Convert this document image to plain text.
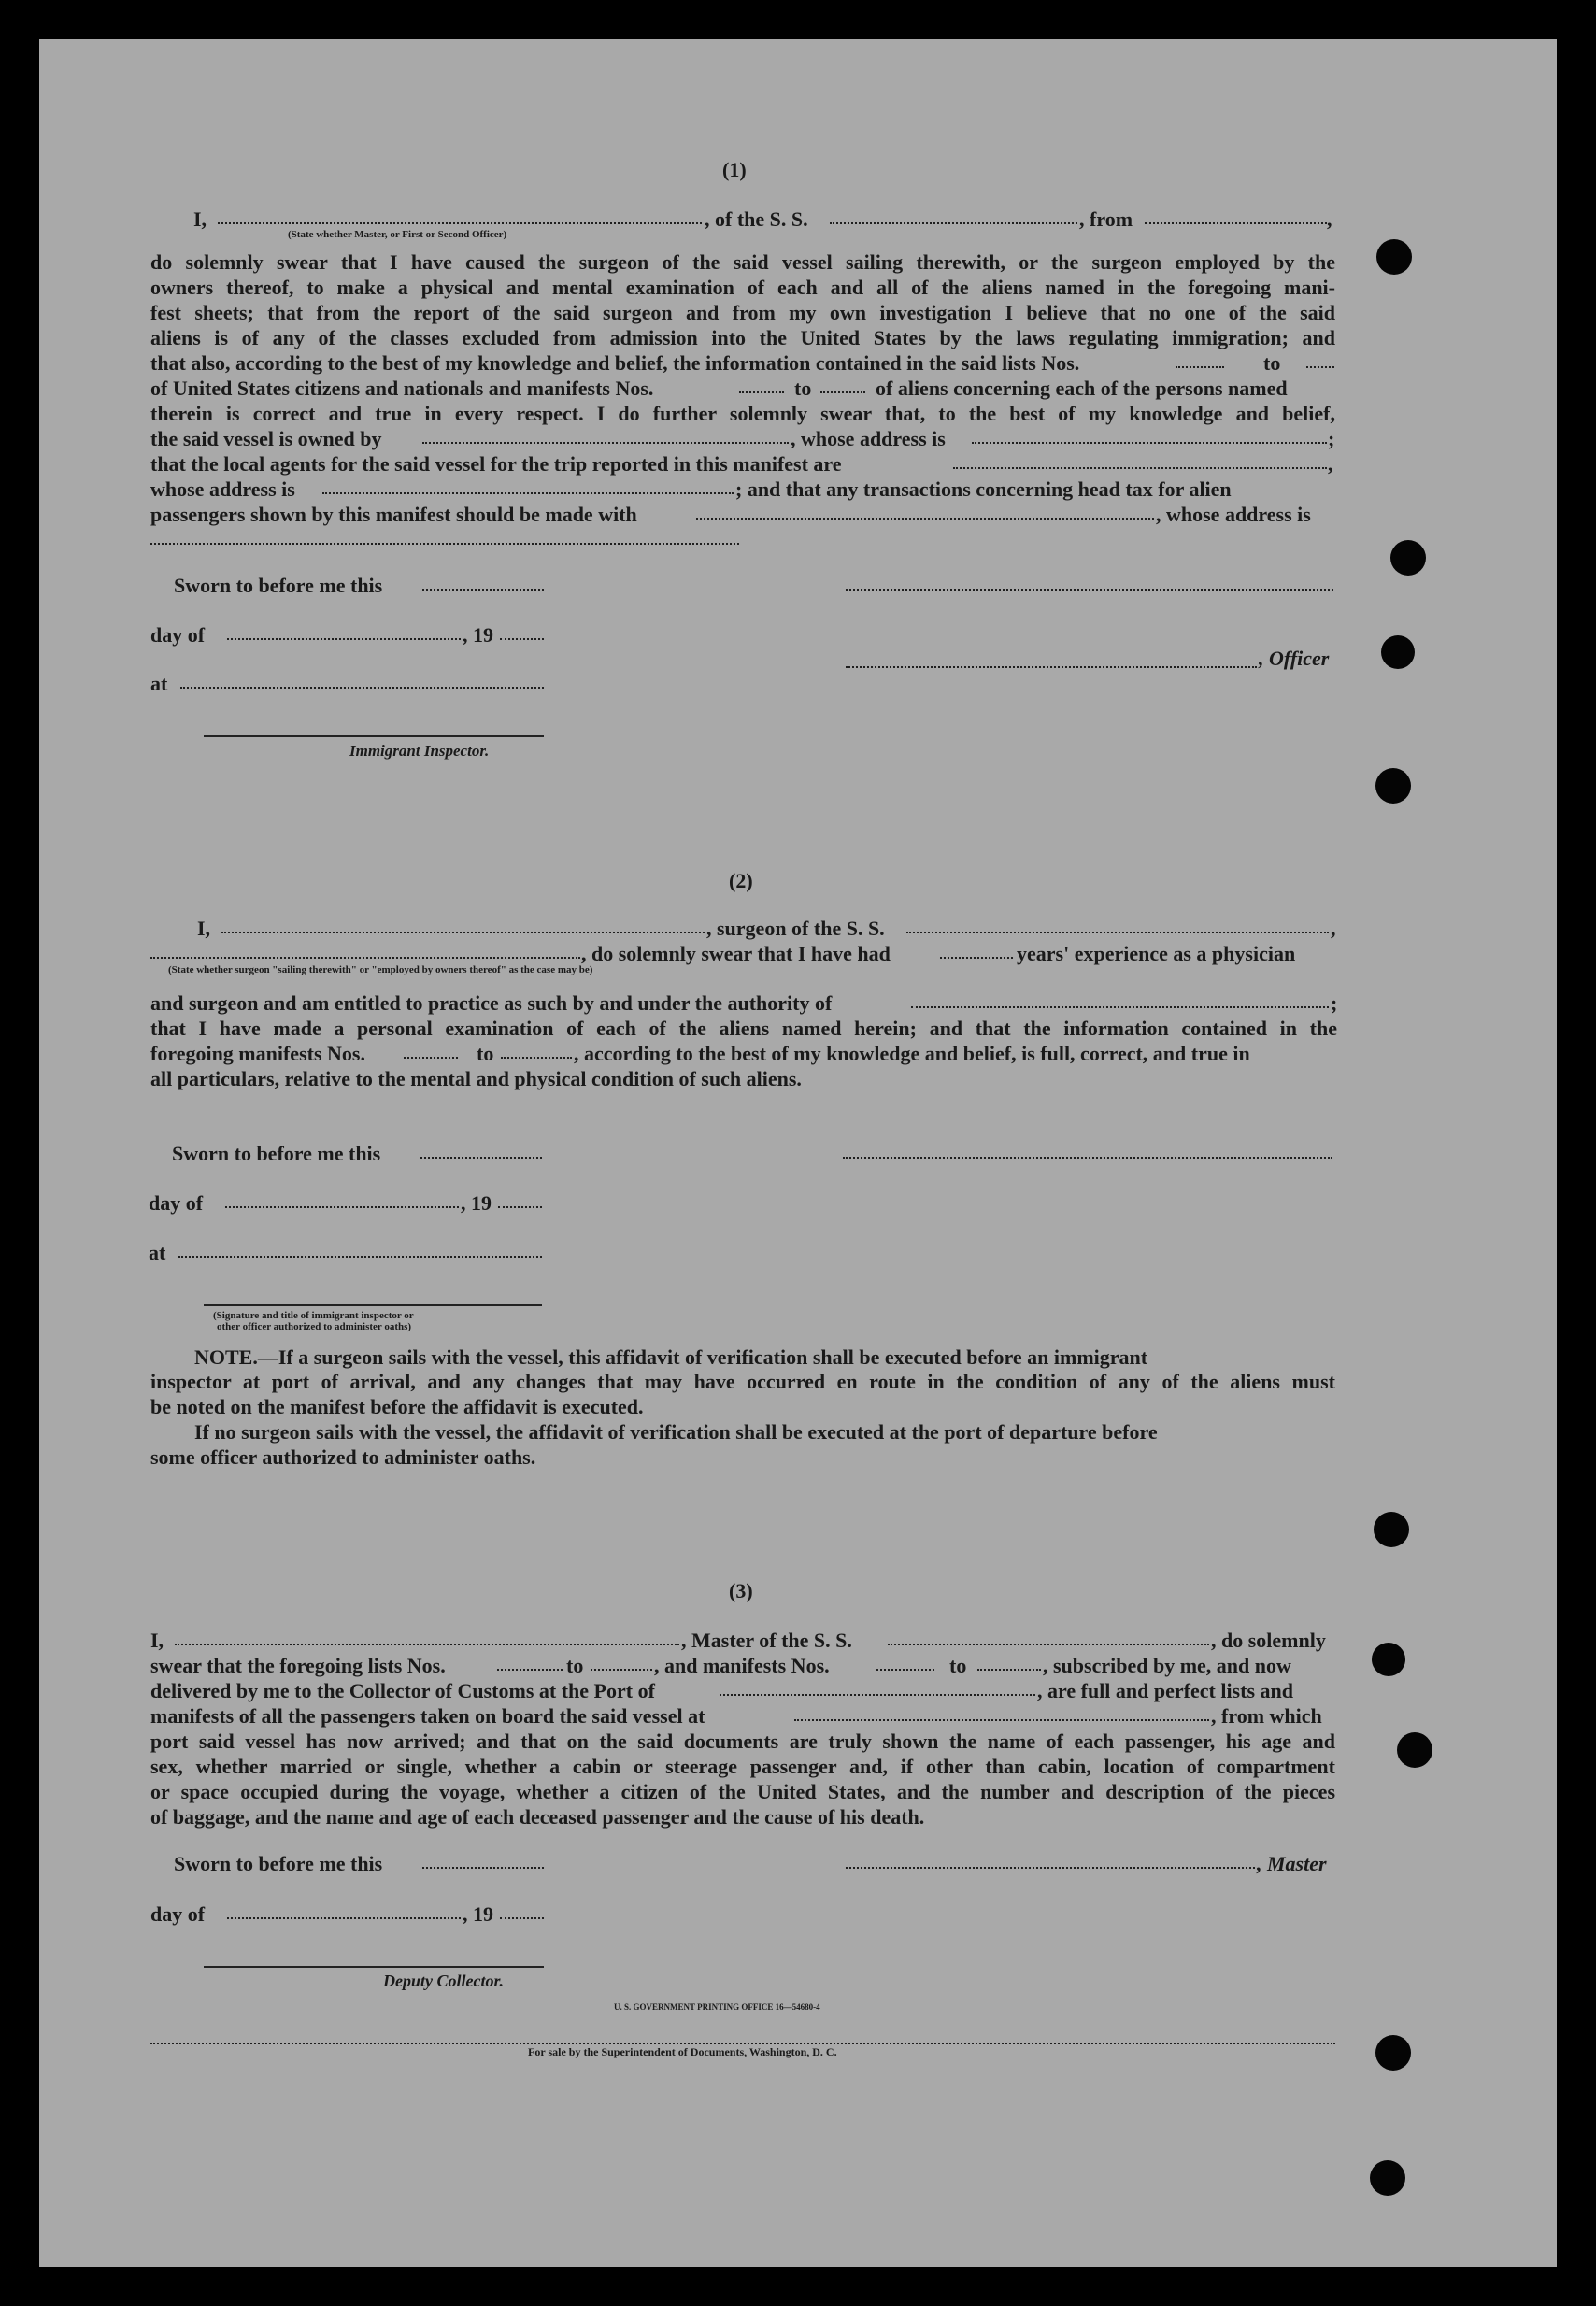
(1)
I,	, of the S. S.	, from	,
(State whether Master, or First or Second Officer)
do solemnly swear that I have caused the surgeon of the said vessel sailing therewith, or the surgeon employed by the
owners thereof, to make a physical and mental examination of each and all of the aliens named in the foregoing mani-
fest sheets; that from the report of the said surgeon and from my own investigation I believe that no one of the said
aliens is of any of the classes excluded from admission into the United States by the laws regulating immigration; and
that also, according to the best of my knowledge and belief, the information contained in the said lists Nos.	to
of United States citizens and nationals and manifests Nos.	to	of aliens concerning each of the persons named
therein is correct and true in every respect. I do further solemnly swear that, to the best of my knowledge and belief,
the said vessel is owned by	, whose address is	;
that the local agents for the said vessel for the trip reported in this manifest are	,
whose address is	; and that any transactions concerning head tax for alien
passengers shown by this manifest should be made with	, whose address is
Sworn to before me this
day of	, 19
, Officer
at
Immigrant Inspector.
(2)
I,	, surgeon of the S. S.	,
, do solemnly swear that I have had	years' experience as a physician
(State whether surgeon "sailing therewith" or "employed by owners thereof" as the case may be)
and surgeon and am entitled to practice as such by and under the authority of	;
that I have made a personal examination of each of the aliens named herein; and that the information contained in the
foregoing manifests Nos.	to	, according to the best of my knowledge and belief, is full, correct, and true in
all particulars, relative to the mental and physical condition of such aliens.
Sworn to before me this
day of	, 19
at
(Signature and title of immigrant inspector or
other officer authorized to administer oaths)
NOTE.—If a surgeon sails with the vessel, this affidavit of verification shall be executed before an immigrant
inspector at port of arrival, and any changes that may have occurred en route in the condition of any of the aliens must
be noted on the manifest before the affidavit is executed.
If no surgeon sails with the vessel, the affidavit of verification shall be executed at the port of departure before
some officer authorized to administer oaths.
(3)
I,	, Master of the S. S.	, do solemnly
swear that the foregoing lists Nos.	to	, and manifests Nos.	to	, subscribed by me, and now
delivered by me to the Collector of Customs at the Port of	, are full and perfect lists and
manifests of all the passengers taken on board the said vessel at	, from which
port said vessel has now arrived; and that on the said documents are truly shown the name of each passenger, his age and
sex, whether married or single, whether a cabin or steerage passenger and, if other than cabin, location of compartment
or space occupied during the voyage, whether a citizen of the United States, and the number and description of the pieces
of baggage, and the name and age of each deceased passenger and the cause of his death.
Sworn to before me this	, Master
day of	, 19
Deputy Collector.
U. S. GOVERNMENT PRINTING OFFICE 16—54680-4
For sale by the Superintendent of Documents, Washington, D. C.
